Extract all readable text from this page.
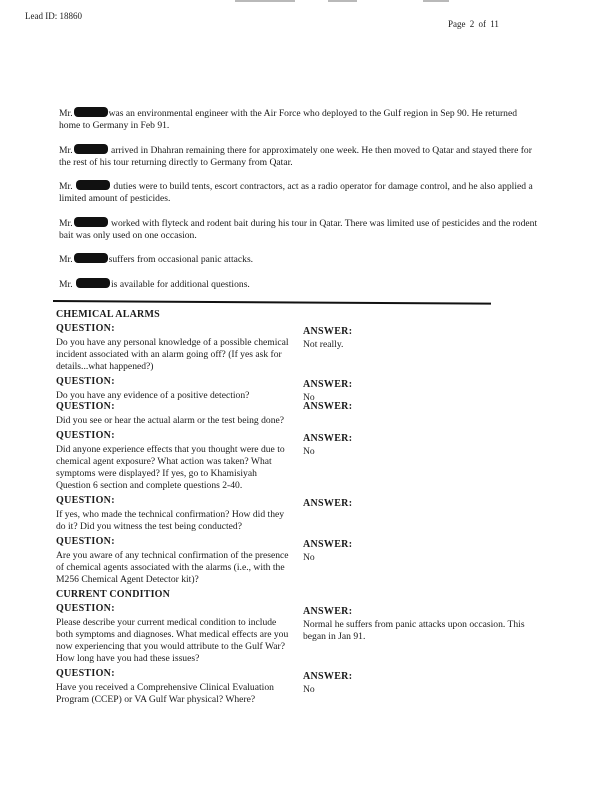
Lead ID: 18860
Page 2 of 11

Mr.	was an environmental engineer with the Air Force who deployed to the Gulf region in Sep 90. He returned home to Germany in Feb 91.

Mr.	arrived in Dhahran remaining there for approximately one week. He then moved to Qatar and stayed there for the rest of his tour returning directly to Germany from Qatar.

Mr.	duties were to build tents, escort contractors, act as a radio operator for damage control, and he also applied a limited amount of pesticides.

Mr.	worked with flyteck and rodent bait during his tour in Qatar. There was limited use of pesticides and the rodent bait was only used on one occasion.

Mr.	suffers from occasional panic attacks.

Mr.	is available for additional questions.

CHEMICAL ALARMS
QUESTION:
Do you have any personal knowledge of a possible chemical incident associated with an alarm going off? (If yes ask for details...what happened?)
ANSWER:
Not really.
QUESTION:
Do you have any evidence of a positive detection?
ANSWER:
No
QUESTION:
Did you see or hear the actual alarm or the test being done?
ANSWER:
QUESTION:
Did anyone experience effects that you thought were due to chemical agent exposure? What action was taken? What symptoms were displayed? If yes, go to Khamisiyah Question 6 section and complete questions 2-40.
ANSWER:
No
QUESTION:
If yes, who made the technical confirmation? How did they do it? Did you witness the test being conducted?
ANSWER:
QUESTION:
Are you aware of any technical confirmation of the presence of chemical agents associated with the alarms (i.e., with the M256 Chemical Agent Detector kit)?
ANSWER:
No
CURRENT CONDITION
QUESTION:
Please describe your current medical condition to include both symptoms and diagnoses. What medical effects are you now experiencing that you would attribute to the Gulf War? How long have you had these issues?
ANSWER:
Normal he suffers from panic attacks upon occasion. This began in Jan 91.
QUESTION:
Have you received a Comprehensive Clinical Evaluation Program (CCEP) or VA Gulf War physical? Where?
ANSWER:
No
